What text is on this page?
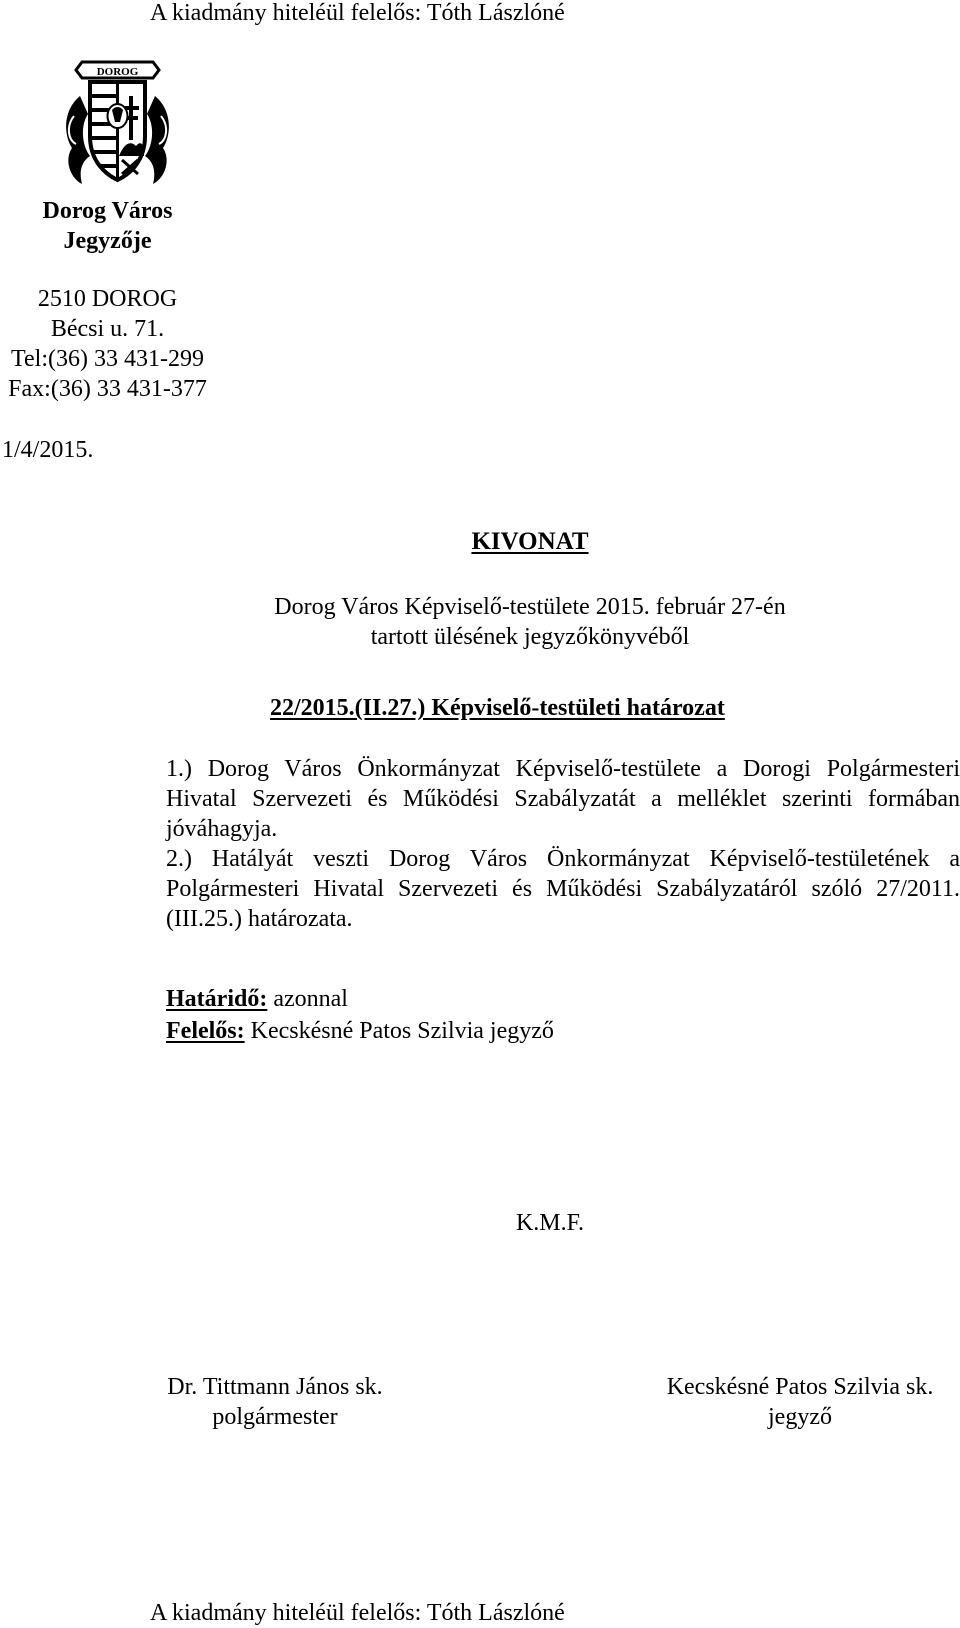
A kiadmány hiteléül felelős: Tóth Lászlóné
DOROG
Dorog Város
Jegyzője
2510 DOROG
Bécsi u. 71.
Tel:(36) 33 431-299
Fax:(36) 33 431-377
1/4/2015.
KIVONAT
Dorog Város Képviselő-testülete 2015. február 27-én
tartott ülésének jegyzőkönyvéből
22/2015.(II.27.) Képviselő-testületi határozat

1.) Dorog Város Önkormányzat Képviselő-testülete a Dorogi Polgármesteri Hivatal Szervezeti és Működési Szabályzatát a melléklet szerinti formában jóváhagyja.

2.) Hatályát veszti Dorog Város Önkormányzat Képviselő-testületének a Polgármesteri Hivatal Szervezeti és Működési Szabályzatáról szóló 27/2011. (III.25.) határozata.

Határidő: azonnal
Felelős: Kecskésné Patos Szilvia jegyző
K.M.F.
Dr. Tittmann János sk.
polgármester
Kecskésné Patos Szilvia sk.
jegyző
A kiadmány hiteléül felelős: Tóth Lászlóné
